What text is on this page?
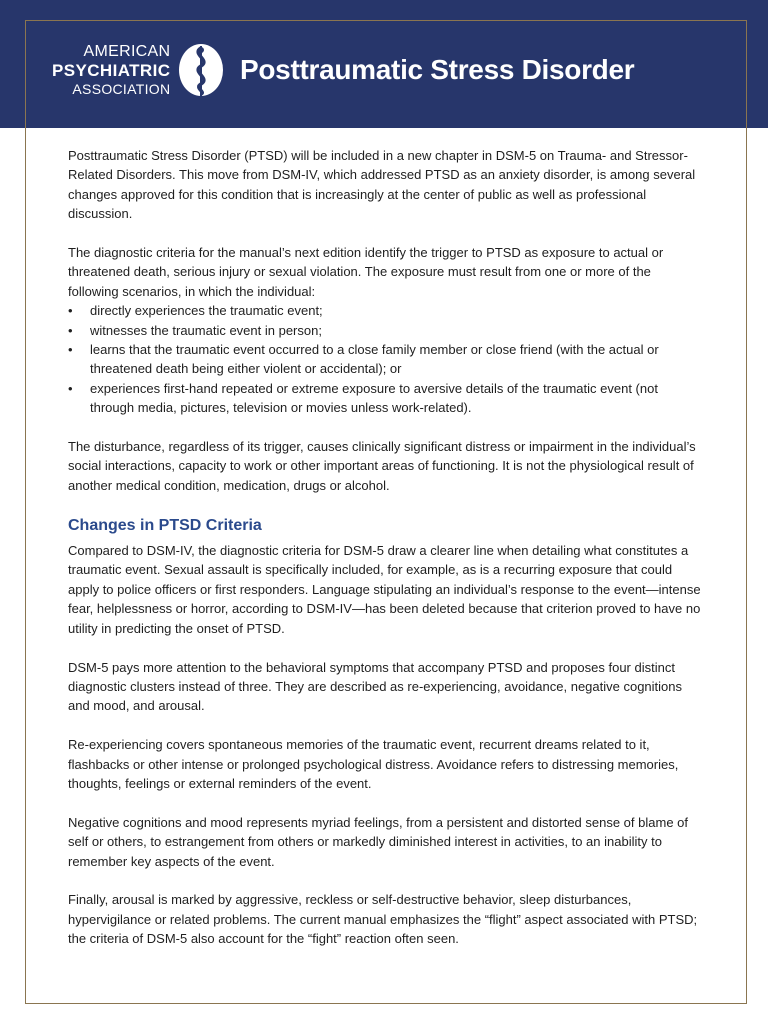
AMERICAN
PSYCHIATRIC
ASSOCIATION
Posttraumatic Stress Disorder

Posttraumatic Stress Disorder (PTSD) will be included in a new chapter in DSM-5 on Trauma- and Stressor-Related Disorders. This move from DSM-IV, which addressed PTSD as an anxiety disorder, is among several changes approved for this condition that is increasingly at the center of public as well as professional discussion.

The diagnostic criteria for the manual’s next edition identify the trigger to PTSD as exposure to actual or threatened death, serious injury or sexual violation. The exposure must result from one or more of the following scenarios, in which the individual:

• directly experiences the traumatic event;
• witnesses the traumatic event in person;
• learns that the traumatic event occurred to a close family member or close friend (with the actual or threatened death being either violent or accidental); or
• experiences first-hand repeated or extreme exposure to aversive details of the traumatic event (not through media, pictures, television or movies unless work-related).

The disturbance, regardless of its trigger, causes clinically significant distress or impairment in the individual’s social interactions, capacity to work or other important areas of functioning. It is not the physiological result of another medical condition, medication, drugs or alcohol.

Changes in PTSD Criteria

Compared to DSM-IV, the diagnostic criteria for DSM-5 draw a clearer line when detailing what constitutes a traumatic event. Sexual assault is specifically included, for example, as is a recurring exposure that could apply to police officers or first responders. Language stipulating an individual’s response to the event—intense fear, helplessness or horror, according to DSM-IV—has been deleted because that criterion proved to have no utility in predicting the onset of PTSD.

DSM-5 pays more attention to the behavioral symptoms that accompany PTSD and proposes four distinct diagnostic clusters instead of three. They are described as re-experiencing, avoidance, negative cognitions and mood, and arousal.

Re-experiencing covers spontaneous memories of the traumatic event, recurrent dreams related to it, flashbacks or other intense or prolonged psychological distress. Avoidance refers to distressing memories, thoughts, feelings or external reminders of the event.

Negative cognitions and mood represents myriad feelings, from a persistent and distorted sense of blame of self or others, to estrangement from others or markedly diminished interest in activities, to an inability to remember key aspects of the event.

Finally, arousal is marked by aggressive, reckless or self-destructive behavior, sleep disturbances, hypervigilance or related problems. The current manual emphasizes the “flight” aspect associated with PTSD; the criteria of DSM-5 also account for the “fight” reaction often seen.
